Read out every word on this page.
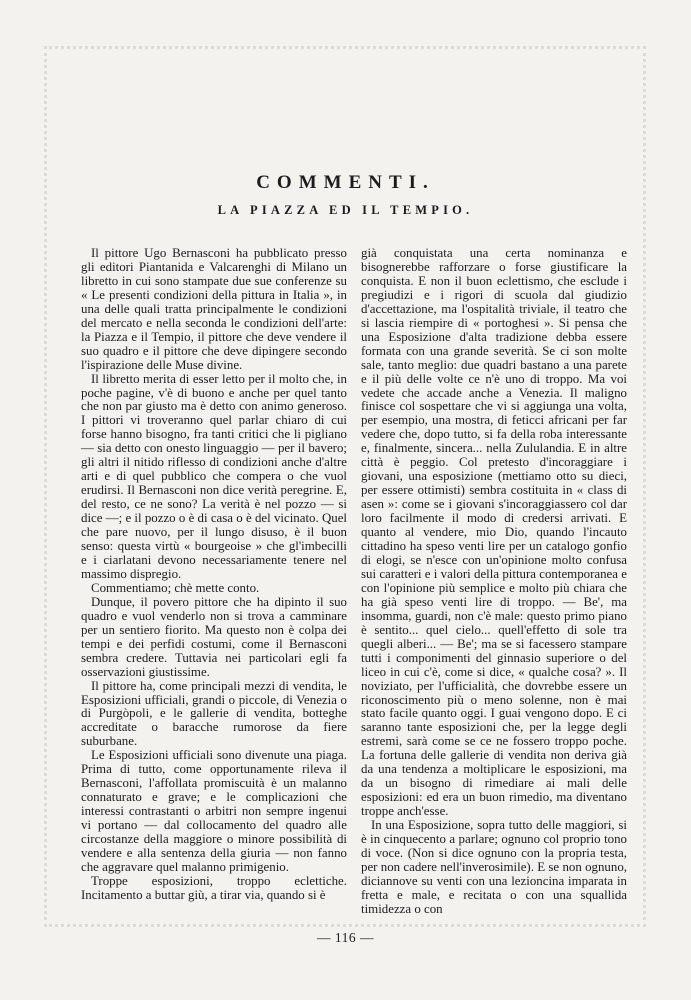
COMMENTI.
LA PIAZZA ED IL TEMPIO.

Il pittore Ugo Bernasconi ha pubblicato presso gli editori Piantanida e Valcarenghi di Milano un libretto in cui sono stampate due sue conferenze su « Le presenti condizioni della pittura in Italia », in una delle quali tratta principalmente le condizioni del mercato e nella seconda le condizioni dell'arte: la Piazza e il Tempio, il pittore che deve vendere il suo quadro e il pittore che deve dipingere secondo l'ispirazione delle Muse divine.

Il libretto merita di esser letto per il molto che, in poche pagine, v'è di buono e anche per quel tanto che non par giusto ma è detto con animo generoso. I pittori vi troveranno quel parlar chiaro di cui forse hanno bisogno, fra tanti critici che li pigliano — sia detto con onesto linguaggio — per il bavero; gli altri il nitido riflesso di condizioni anche d'altre arti e di quel pubblico che compera o che vuol erudirsi. Il Bernasconi non dice verità peregrine. E, del resto, ce ne sono? La verità è nel pozzo — si dice —; e il pozzo o è di casa o è del vicinato. Quel che pare nuovo, per il lungo disuso, è il buon senso: questa virtù « bourgeoise » che gl'imbecilli e i ciarlatani devono necessariamente tenere nel massimo dispregio.

Commentiamo; chè mette conto.

Dunque, il povero pittore che ha dipinto il suo quadro e vuol venderlo non si trova a camminare per un sentiero fiorito. Ma questo non è colpa dei tempi e dei perfidi costumi, come il Bernasconi sembra credere. Tuttavia nei particolari egli fa osservazioni giustissime.

Il pittore ha, come principali mezzi di vendita, le Esposizioni ufficiali, grandi o piccole, di Venezia o di Purgòpoli, e le gallerie di vendita, botteghe accreditate o baracche rumorose da fiere suburbane.

Le Esposizioni ufficiali sono divenute una piaga. Prima di tutto, come opportunamente rileva il Bernasconi, l'affollata promiscuità è un malanno connaturato e grave; e le complicazioni che interessi contrastanti o arbitri non sempre ingenui vi portano — dal collocamento del quadro alle circostanze della maggiore o minore possibilità di vendere e alla sentenza della giuria — non fanno che aggravare quel malanno primigenio.

Troppe esposizioni, troppo eclettiche. Incitamento a buttar giù, a tirar via, quando si è

già conquistata una certa nominanza e bisognerebbe rafforzare o forse giustificare la conquista. E non il buon eclettismo, che esclude i pregiudizi e i rigori di scuola dal giudizio d'accettazione, ma l'ospitalità triviale, il teatro che si lascia riempire di « portoghesi ». Si pensa che una Esposizione d'alta tradizione debba essere formata con una grande severità. Se ci son molte sale, tanto meglio: due quadri bastano a una parete e il più delle volte ce n'è uno di troppo. Ma voi vedete che accade anche a Venezia. Il maligno finisce col sospettare che vi si aggiunga una volta, per esempio, una mostra, di feticci africani per far vedere che, dopo tutto, si fa della roba interessante e, finalmente, sincera... nella Zululandia. E in altre città è peggio. Col pretesto d'incoraggiare i giovani, una esposizione (mettiamo otto su dieci, per essere ottimisti) sembra costituita in « class di asen »: come se i giovani s'incoraggiassero col dar loro facilmente il modo di credersi arrivati. E quanto al vendere, mio Dio, quando l'incauto cittadino ha speso venti lire per un catalogo gonfio di elogi, se n'esce con un'opinione molto confusa sui caratteri e i valori della pittura contemporanea e con l'opinione più semplice e molto più chiara che ha già speso venti lire di troppo. — Be', ma insomma, guardi, non c'è male: questo primo piano è sentito... quel cielo... quell'effetto di sole tra quegli alberi... — Be'; ma se si facessero stampare tutti i componimenti del ginnasio superiore o del liceo in cui c'è, come si dice, « qualche cosa? ». Il noviziato, per l'ufficialità, che dovrebbe essere un riconoscimento più o meno solenne, non è mai stato facile quanto oggi. I guai vengono dopo. E ci saranno tante esposizioni che, per la legge degli estremi, sarà come se ce ne fossero troppo poche. La fortuna delle gallerie di vendita non deriva già da una tendenza a moltiplicare le esposizioni, ma da un bisogno di rimediare ai mali delle esposizioni: ed era un buon rimedio, ma diventano troppe anch'esse.

In una Esposizione, sopra tutto delle maggiori, si è in cinquecento a parlare; ognuno col proprio tono di voce. (Non si dice ognuno con la propria testa, per non cadere nell'inverosimile). E se non ognuno, diciannove su venti con una lezioncina imparata in fretta e male, e recitata o con una squallida timidezza o con

— 116 —
